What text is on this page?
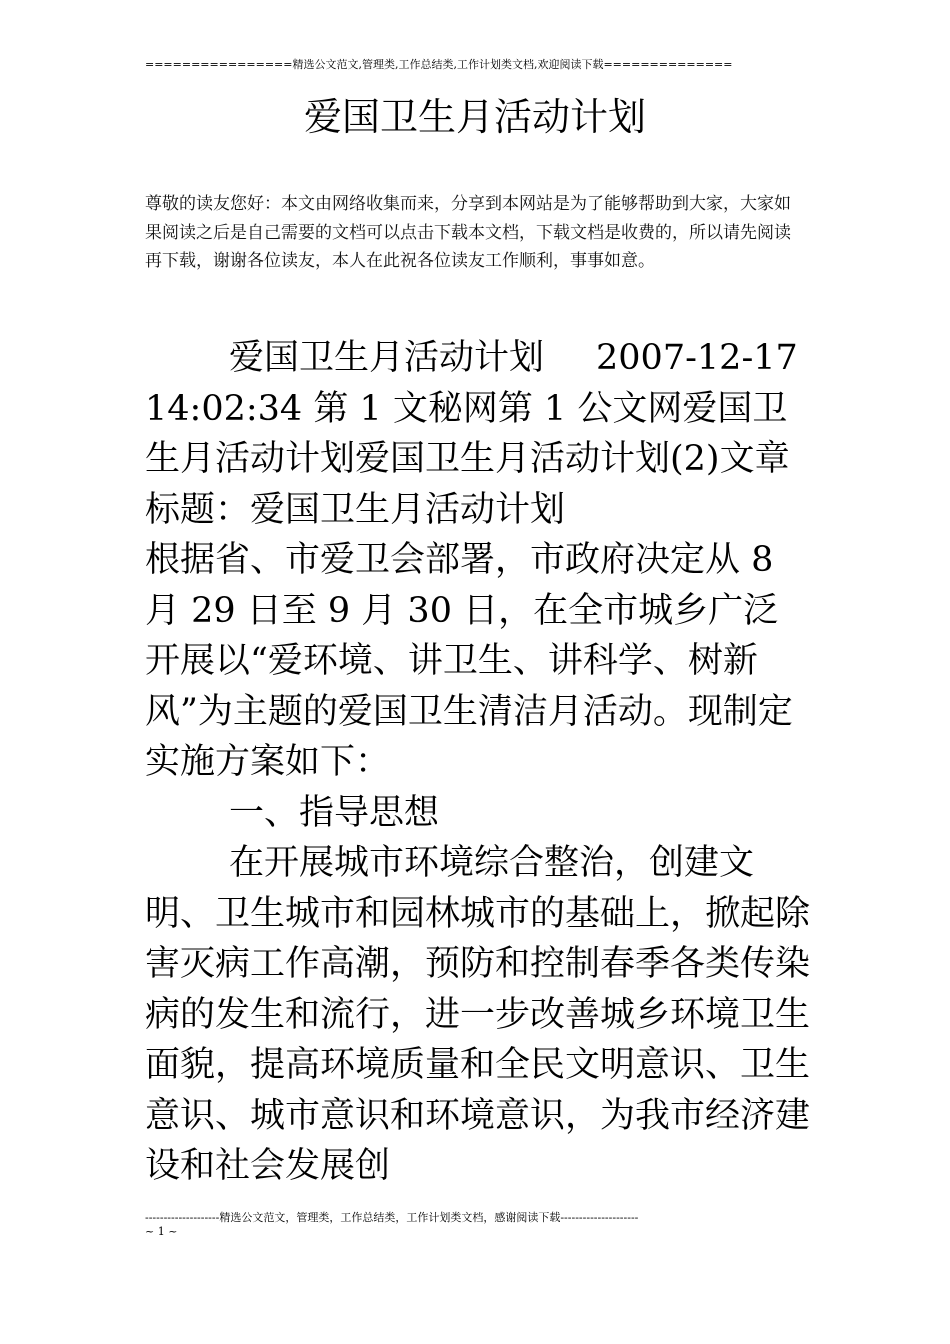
================精选公文范文,管理类,工作总结类,工作计划类文档,欢迎阅读下载==============
爱国卫生月活动计划
尊敬的读友您好：本文由网络收集而来，分享到本网站是为了能够帮助到大家，大家如果阅读之后是自己需要的文档可以点击下载本文档，下载文档是收费的，所以请先阅读再下载，谢谢各位读友，本人在此祝各位读友工作顺利，事事如意。

爱国卫生月活动计划 2007-12-17 14:02:34 第 1 文秘网第 1 公文网爱国卫生月活动计划爱国卫生月活动计划(2)文章标题：爱国卫生月活动计划

根据省、市爱卫会部署，市政府决定从 8 月 29 日至 9 月 30 日，在全市城乡广泛开展以“爱环境、讲卫生、讲科学、树新风”为主题的爱国卫生清洁月活动。现制定实施方案如下：

一、指导思想

在开展城市环境综合整治，创建文明、卫生城市和园林城市的基础上，掀起除害灭病工作高潮，预防和控制春季各类传染病的发生和流行，进一步改善城乡环境卫生面貌，提高环境质量和全民文明意识、卫生意识、城市意识和环境意识，为我市经济建设和社会发展创

--------------------精选公文范文，管理类，工作总结类，工作计划类文档，感谢阅读下载---------------------
~ 1 ~
